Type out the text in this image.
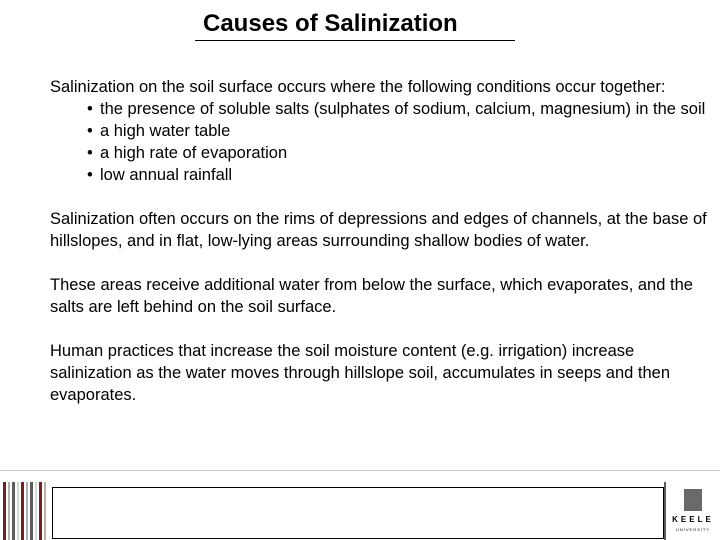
Causes of Salinization

Salinization on the soil surface occurs where the following conditions occur together:

• the presence of soluble salts (sulphates of sodium, calcium, magnesium) in the soil
• a high water table
• a high rate of evaporation
• low annual rainfall

Salinization often occurs on the rims of depressions and edges of channels, at the base of hillslopes, and in flat, low-lying areas surrounding shallow bodies of water.

These areas receive additional water from below the surface, which evaporates, and the salts are left behind on the soil surface.

Human practices that increase the soil moisture content (e.g. irrigation) increase salinization as the water moves through hillslope soil, accumulates in seeps and then evaporates.

KEELE
UNIVERSITY
